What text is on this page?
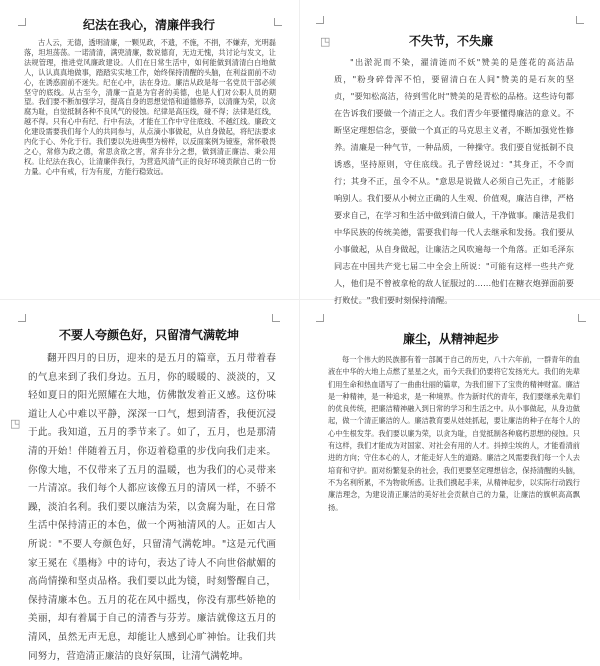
纪法在我心，清廉伴我行
古人云，无德，透明清廉，一颗见政，不遗，不施，不捐，不嫌弃，光明磊落，坦坦荡荡。一诺清清，满兜清廉，数说德育，无边无愧，共讨论与发文，让法规管理，推进党风廉政建设。人们在日常生活中，如何能做到清清白白地做人，认认真真地做事，踏踏实实地工作，始终保持清醒的头脑，在利益面前不动心，在诱惑面前不迷失。纪在心中，法在身边。廉洁从政是每一名党员干部必须坚守的底线。从古至今，清廉一直是为官者的美德，也是人们对公职人员的期望。我们要不断加强学习，提高自身的思想觉悟和道德修养，以清廉为荣，以贪腐为耻，自觉抵制各种不良风气的侵蚀。纪律是高压线，碰不得；法律是红线，越不得。只有心中有纪、行中有法，才能在工作中守住底线、不越红线。廉政文化建设需要我们每个人的共同参与，从点滴小事做起，从自身做起，将纪法要求内化于心、外化于行。我们要以先进典型为榜样，以反面案例为镜鉴，常怀敬畏之心，常修为政之德，常思贪欲之害，常弃非分之想，做到清正廉洁、秉公用权。让纪法在我心，让清廉伴我行，为营造风清气正的良好环境贡献自己的一份力量。心中有戒，行为有度，方能行稳致远。
◳	不失节，不失廉
"出淤泥而不染，濯清涟而不妖"赞美的是莲花的高洁品质，"粉身碎骨浑不怕，要留清白在人间"赞美的是石灰的坚贞，"要知松高洁，待到雪化时"赞美的是青松的品格。这些诗句都在告诉我们要做一个清正之人。我们青少年要懂得廉洁的意义。不断坚定理想信念，要做一个真正的马克思主义者，不断加强党性修养。清廉是一种气节，一种品质，一种操守。我们要自觉抵制不良诱惑，坚持原则，守住底线。孔子曾经说过："其身正，不令而行；其身不正，虽令不从。"意思是说做人必须自己先正，才能影响别人。我们要从小树立正确的人生观、价值观，廉洁自律，严格要求自己，在学习和生活中做到清白做人，干净做事。廉洁是我们中华民族的传统美德，需要我们每一代人去继承和发扬。我们要从小事做起，从自身做起，让廉洁之风吹遍每一个角落。正如毛泽东同志在中国共产党七届二中全会上所说："可能有这样一些共产党人，他们是不曾被拿枪的敌人征服过的……他们在糖衣炮弹面前要打败仗。"我们要时刻保持清醒。
◳
不要人夸颜色好，只留清气满乾坤
翻开四月的日历，迎来的是五月的篇章，五月带着春的气息来到了我们身边。五月，你的暖暖的、淡淡的，又轻如夏日的阳光照耀在大地，仿佛散发着正义感。这份味道让人心中难以平静，深深一口气，想到清香，我便沉浸于此。我知道，五月的季节来了。如了，五月，也是那清清的开始！伴随着五月，你迈着稳重的步伐向我们走来。你像大地，不仅带来了五月的温暖，也为我们的心灵带来一片清凉。我们每个人都应该像五月的清风一样，不骄不躁，淡泊名利。我们要以廉洁为荣，以贪腐为耻，在日常生活中保持清正的本色，做一个两袖清风的人。正如古人所说："不要人夸颜色好，只留清气满乾坤。"这是元代画家王冕在《墨梅》中的诗句，表达了诗人不向世俗献媚的高尚情操和坚贞品格。我们要以此为镜，时刻警醒自己，保持清廉本色。五月的花在风中摇曳，你没有那些娇艳的美丽，却有着属于自己的清香与芬芳。廉洁就像这五月的清风，虽然无声无息，却能让人感到心旷神怡。让我们共同努力，营造清正廉洁的良好氛围，让清气满乾坤。
廉尘，从精神起步
每一个伟大的民族都有着一部属于自己的历史，八十六年前，一群青年的血液在中华的大地上点燃了星星之火，而今天我们仍要将它发扬光大。我们的先辈们用生命和热血谱写了一曲曲壮丽的篇章，为我们留下了宝贵的精神财富。廉洁是一种精神，是一种追求，是一种境界。作为新时代的青年，我们要继承先辈们的优良传统，把廉洁精神融入到日常的学习和生活之中。从小事做起，从身边做起，做一个清正廉洁的人。廉洁教育要从娃娃抓起，要让廉洁的种子在每个人的心中生根发芽。我们要以廉为荣，以贪为耻，自觉抵制各种腐朽思想的侵蚀。只有这样，我们才能成为对国家、对社会有用的人才。抖掉尘埃的人，才能看清前进的方向；守住本心的人，才能走好人生的道路。廉洁之风需要我们每一个人去培育和守护。面对纷繁复杂的社会，我们更要坚定理想信念，保持清醒的头脑，不为名利所累，不为物欲所惑。让我们携起手来，从精神起步，以实际行动践行廉洁理念，为建设清正廉洁的美好社会贡献自己的力量，让廉洁的旗帜高高飘扬。
